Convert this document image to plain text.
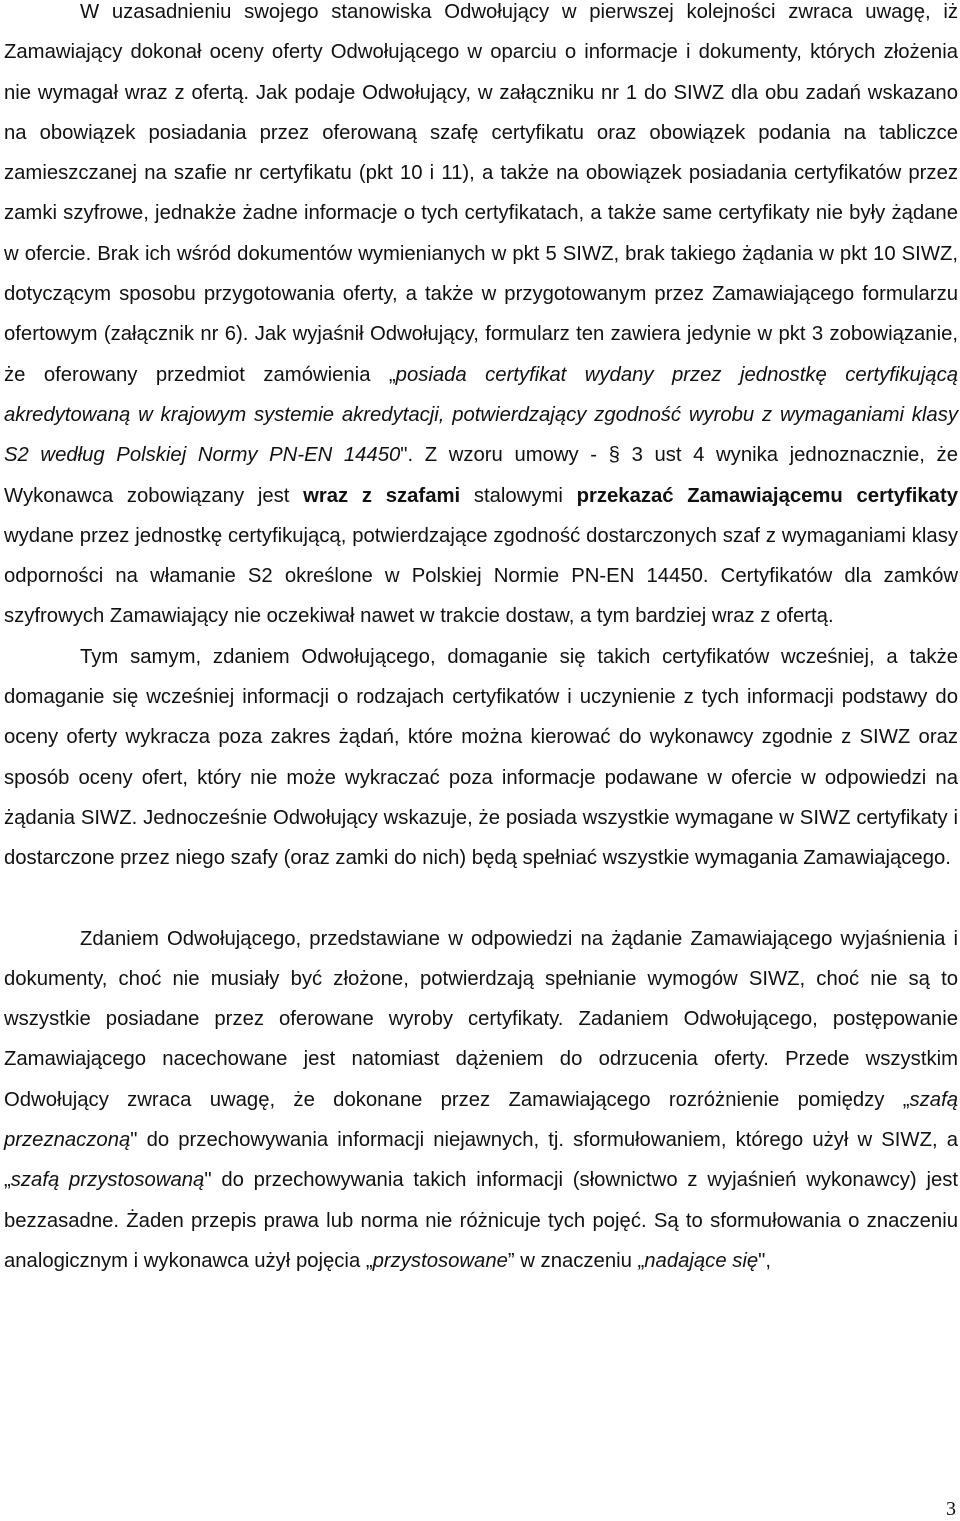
W uzasadnieniu swojego stanowiska Odwołujący w pierwszej kolejności zwraca uwagę, iż Zamawiający dokonał oceny oferty Odwołującego w oparciu o informacje i dokumenty, których złożenia nie wymagał wraz z ofertą. Jak podaje Odwołujący, w załączniku nr 1 do SIWZ dla obu zadań wskazano na obowiązek posiadania przez oferowaną szafę certyfikatu oraz obowiązek podania na tabliczce zamieszczanej na szafie nr certyfikatu (pkt 10 i 11), a także na obowiązek posiadania certyfikatów przez zamki szyfrowe, jednakże żadne informacje o tych certyfikatach, a także same certyfikaty nie były żądane w ofercie. Brak ich wśród dokumentów wymienianych w pkt 5 SIWZ, brak takiego żądania w pkt 10 SIWZ, dotyczącym sposobu przygotowania oferty, a także w przygotowanym przez Zamawiającego formularzu ofertowym (załącznik nr 6). Jak wyjaśnił Odwołujący, formularz ten zawiera jedynie w pkt 3 zobowiązanie, że oferowany przedmiot zamówienia „posiada certyfikat wydany przez jednostkę certyfikującą akredytowaną w krajowym systemie akredytacji, potwierdzający zgodność wyrobu z wymaganiami klasy S2 według Polskiej Normy PN-EN 14450". Z wzoru umowy - § 3 ust 4 wynika jednoznacznie, że Wykonawca zobowiązany jest wraz z szafami stalowymi przekazać Zamawiającemu certyfikaty wydane przez jednostkę certyfikującą, potwierdzające zgodność dostarczonych szaf z wymaganiami klasy odporności na włamanie S2 określone w Polskiej Normie PN-EN 14450. Certyfikatów dla zamków szyfrowych Zamawiający nie oczekiwał nawet w trakcie dostaw, a tym bardziej wraz z ofertą.

Tym samym, zdaniem Odwołującego, domaganie się takich certyfikatów wcześniej, a także domaganie się wcześniej informacji o rodzajach certyfikatów i uczynienie z tych informacji podstawy do oceny oferty wykracza poza zakres żądań, które można kierować do wykonawcy zgodnie z SIWZ oraz sposób oceny ofert, który nie może wykraczać poza informacje podawane w ofercie w odpowiedzi na żądania SIWZ. Jednocześnie Odwołujący wskazuje, że posiada wszystkie wymagane w SIWZ certyfikaty i dostarczone przez niego szafy (oraz zamki do nich) będą spełniać wszystkie wymagania Zamawiającego.

Zdaniem Odwołującego, przedstawiane w odpowiedzi na żądanie Zamawiającego wyjaśnienia i dokumenty, choć nie musiały być złożone, potwierdzają spełnianie wymogów SIWZ, choć nie są to wszystkie posiadane przez oferowane wyroby certyfikaty. Zadaniem Odwołującego, postępowanie Zamawiającego nacechowane jest natomiast dążeniem do odrzucenia oferty. Przede wszystkim Odwołujący zwraca uwagę, że dokonane przez Zamawiającego rozróżnienie pomiędzy „szafą przeznaczoną" do przechowywania informacji niejawnych, tj. sformułowaniem, którego użył w SIWZ, a „szafą przystosowaną" do przechowywania takich informacji (słownictwo z wyjaśnień wykonawcy) jest bezzasadne. Żaden przepis prawa lub norma nie różnicuje tych pojęć. Są to sformułowania o znaczeniu analogicznym i wykonawca użył pojęcia „przystosowane” w znaczeniu „nadające się",

3
